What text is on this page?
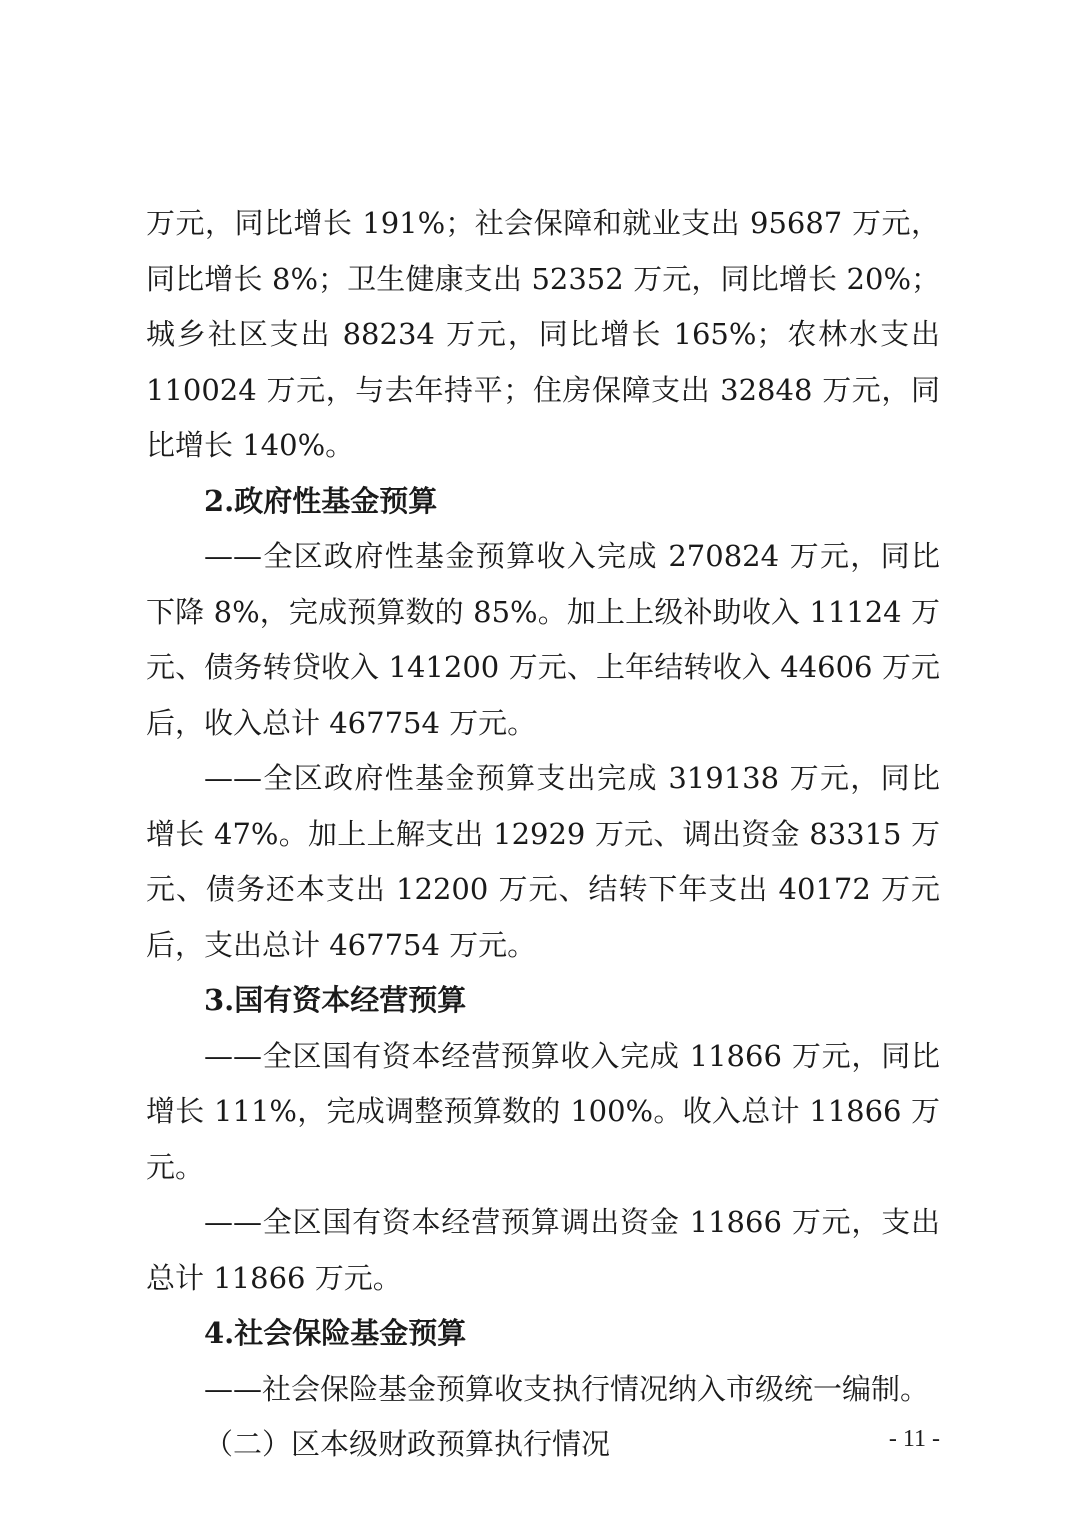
万元，同比增长 191%；社会保障和就业支出 95687 万元，同比增长 8%；卫生健康支出 52352 万元，同比增长 20%；城乡社区支出 88234 万元，同比增长 165%；农林水支出 110024 万元，与去年持平；住房保障支出 32848 万元，同比增长 140%。

2.政府性基金预算

——全区政府性基金预算收入完成 270824 万元，同比下降 8%，完成预算数的 85%。加上上级补助收入 11124 万元、债务转贷收入 141200 万元、上年结转收入 44606 万元后，收入总计 467754 万元。

——全区政府性基金预算支出完成 319138 万元，同比增长 47%。加上上解支出 12929 万元、调出资金 83315 万元、债务还本支出 12200 万元、结转下年支出 40172 万元后，支出总计 467754 万元。

3.国有资本经营预算

——全区国有资本经营预算收入完成 11866 万元，同比增长 111%，完成调整预算数的 100%。收入总计 11866 万元。

——全区国有资本经营预算调出资金 11866 万元，支出总计 11866 万元。

4.社会保险基金预算

——社会保险基金预算收支执行情况纳入市级统一编制。

（二）区本级财政预算执行情况	- 11 -
